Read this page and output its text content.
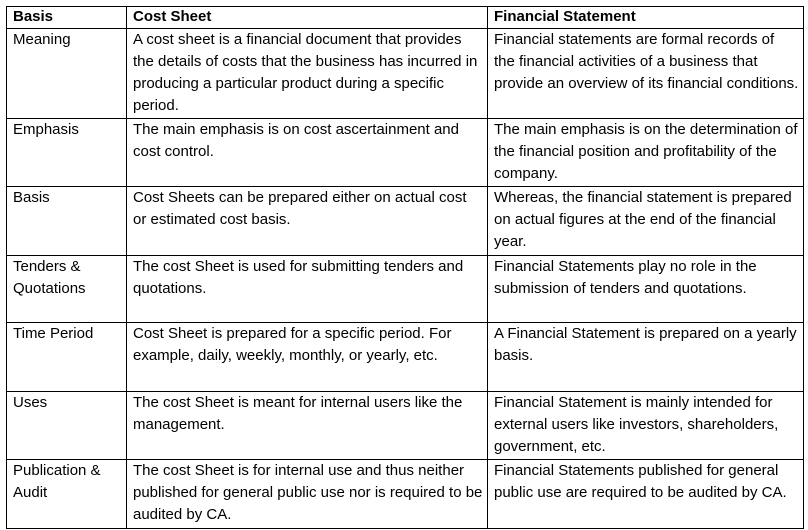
Basis	Cost Sheet	Financial Statement
Meaning	A cost sheet is a financial document that provides the details of costs that the business has incurred in producing a particular product during a specific period.	Financial statements are formal records of the financial activities of a business that provide an overview of its financial conditions.
Emphasis	The main emphasis is on cost ascertainment and cost control.	The main emphasis is on the determination of the financial position and profitability of the company.
Basis	Cost Sheets can be prepared either on actual cost or estimated cost basis.	Whereas, the financial statement is prepared on actual figures at the end of the financial year.
Tenders & Quotations	The cost Sheet is used for submitting tenders and quotations.	Financial Statements play no role in the submission of tenders and quotations.
Time Period	Cost Sheet is prepared for a specific period. For example, daily, weekly, monthly, or yearly, etc.	A Financial Statement is prepared on a yearly basis.
Uses	The cost Sheet is meant for internal users like the management.	Financial Statement is mainly intended for external users like investors, shareholders, government, etc.
Publication & Audit	The cost Sheet is for internal use and thus neither published for general public use nor is required to be audited by CA.	Financial Statements published for general public use are required to be audited by CA.
